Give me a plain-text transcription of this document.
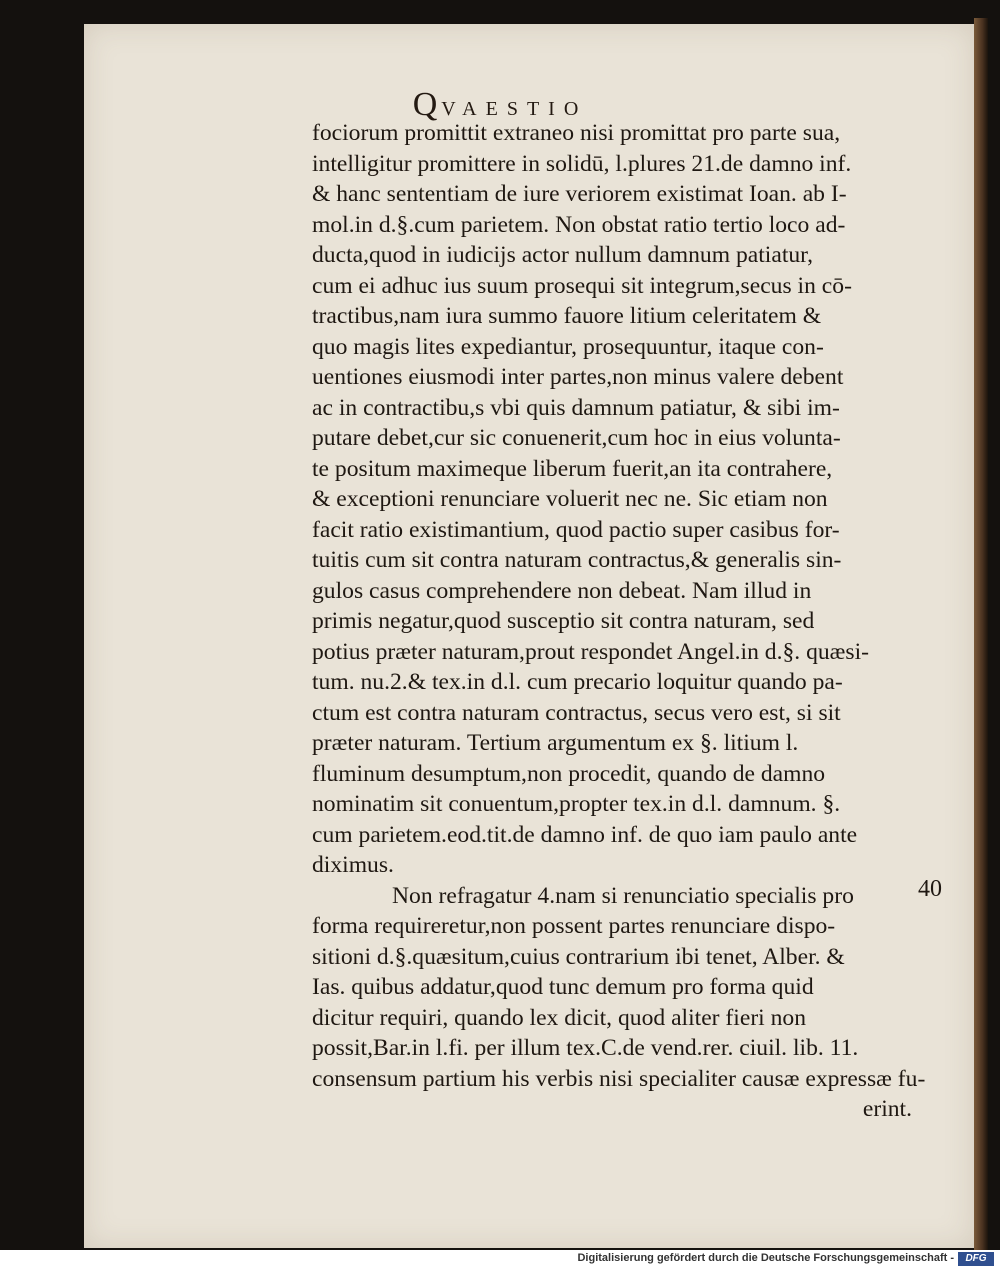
QVAESTIO
fociorum promittit extraneo nisi promittat pro parte sua,
intelligitur promittere in solidū, l.plures 21.de damno inf.
& hanc sententiam de iure veriorem existimat Ioan. ab I-
mol.in d.§.cum parietem. Non obstat ratio tertio loco ad-
ducta,quod in iudicijs actor nullum damnum patiatur,
cum ei adhuc ius suum prosequi sit integrum,secus in cō-
tractibus,nam iura summo fauore litium celeritatem &
quo magis lites expediantur, prosequuntur, itaque con-
uentiones eiusmodi inter partes,non minus valere debent
ac in contractibu,s vbi quis damnum patiatur, & sibi im-
putare debet,cur sic conuenerit,cum hoc in eius volunta-
te positum maximeque liberum fuerit,an ita contrahere,
& exceptioni renunciare voluerit nec ne. Sic etiam non
facit ratio existimantium, quod pactio super casibus for-
tuitis cum sit contra naturam contractus,& generalis sin-
gulos casus comprehendere non debeat. Nam illud in
primis negatur,quod susceptio sit contra naturam, sed
potius præter naturam,prout respondet Angel.in d.§. quæsi-
tum. nu.2.& tex.in d.l. cum precario loquitur quando pa-
ctum est contra naturam contractus, secus vero est, si sit
præter naturam. Tertium argumentum ex §. litium l.
fluminum desumptum,non procedit, quando de damno
nominatim sit conuentum,propter tex.in d.l. damnum. §.
cum parietem.eod.tit.de damno inf. de quo iam paulo ante
diximus.
Non refragatur 4.nam si renunciatio specialis pro
forma requireretur,non possent partes renunciare dispo-
sitioni d.§.quæsitum,cuius contrarium ibi tenet, Alber. &
Ias. quibus addatur,quod tunc demum pro forma quid
dicitur requiri, quando lex dicit, quod aliter fieri non
possit,Bar.in l.fi. per illum tex.C.de vend.rer. ciuil. lib. 11.
consensum partium his verbis nisi specialiter causæ expressæ fu-
erint.
40
Digitalisierung gefördert durch die Deutsche Forschungsgemeinschaft -	DFG
